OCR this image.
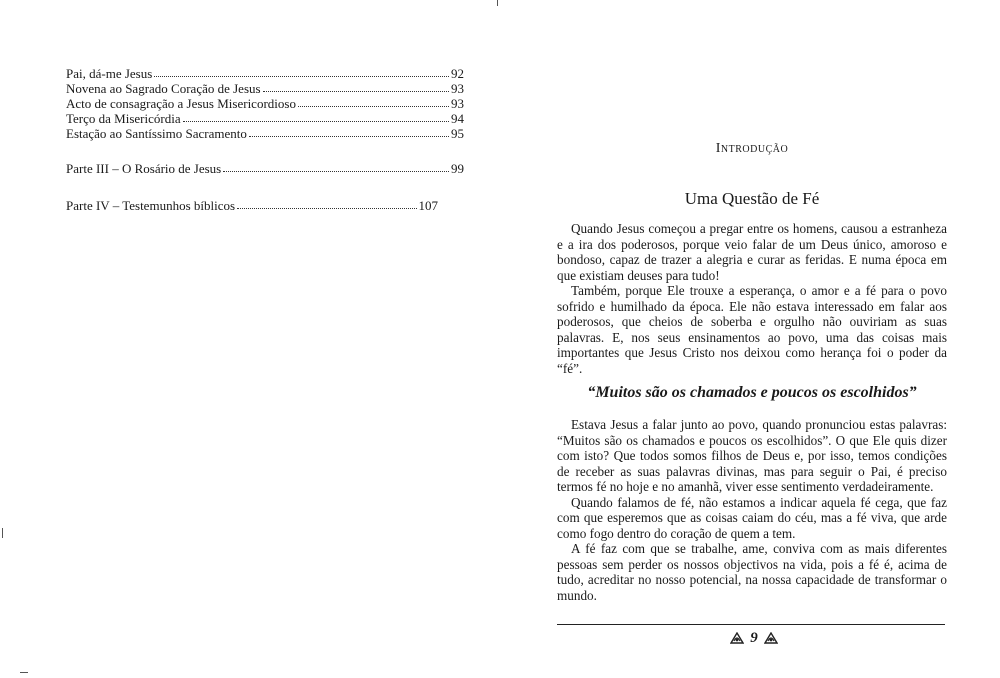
Pai, dá-me Jesus	92
Novena ao Sagrado Coração de Jesus	93
Acto de consagração a Jesus Misericordioso	93
Terço da Misericórdia	94
Estação ao Santíssimo Sacramento	95
Parte III – O Rosário de Jesus	99
Parte IV – Testemunhos bíblicos	107
Introdução
Uma Questão de Fé

Quando Jesus começou a pregar entre os homens, causou a estranheza e a ira dos poderosos, porque veio falar de um Deus único, amoroso e bondoso, capaz de trazer a alegria e curar as feridas. E numa época em que existiam deuses para tudo!

Também, porque Ele trouxe a esperança, o amor e a fé para o povo sofrido e humilhado da época. Ele não estava interessado em falar aos poderosos, que cheios de soberba e orgulho não ouviriam as suas palavras. E, nos seus ensinamentos ao povo, uma das coisas mais importantes que Jesus Cristo nos deixou como herança foi o poder da “fé”.

“Muitos são os chamados e poucos os escolhidos”

Estava Jesus a falar junto ao povo, quando pronunciou estas palavras: “Muitos são os chamados e poucos os escolhidos”. O que Ele quis dizer com isto? Que todos somos filhos de Deus e, por isso, temos condições de receber as suas palavras divinas, mas para seguir o Pai, é preciso termos fé no hoje e no amanhã, viver esse sentimento verdadeiramente.

Quando falamos de fé, não estamos a indicar aquela fé cega, que faz com que esperemos que as coisas caiam do céu, mas a fé viva, que arde como fogo dentro do coração de quem a tem.

A fé faz com que se trabalhe, ame, conviva com as mais diferentes pessoas sem perder os nossos objectivos na vida, pois a fé é, acima de tudo, acreditar no nosso potencial, na nossa capacidade de transformar o mundo.

9
